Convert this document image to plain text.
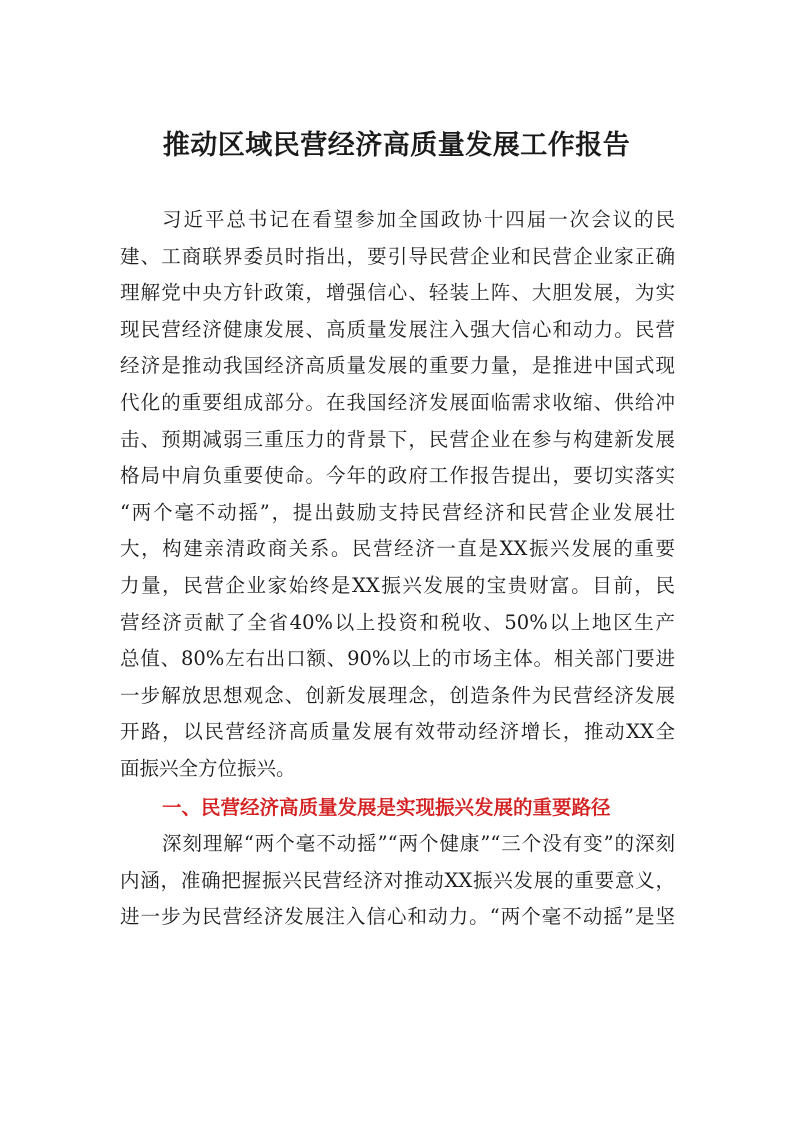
推动区域民营经济高质量发展工作报告
习近平总书记在看望参加全国政协十四届一次会议的民
建、工商联界委员时指出，要引导民营企业和民营企业家正确
理解党中央方针政策，增强信心、轻装上阵、大胆发展，为实
现民营经济健康发展、高质量发展注入强大信心和动力。民营
经济是推动我国经济高质量发展的重要力量，是推进中国式现
代化的重要组成部分。在我国经济发展面临需求收缩、供给冲
击、预期减弱三重压力的背景下，民营企业在参与构建新发展
格局中肩负重要使命。今年的政府工作报告提出，要切实落实
“两个毫不动摇”，提出鼓励支持民营经济和民营企业发展壮
大，构建亲清政商关系。民营经济一直是XX振兴发展的重要
力量，民营企业家始终是XX振兴发展的宝贵财富。目前，民
营经济贡献了全省40%以上投资和税收、50%以上地区生产
总值、80%左右出口额、90%以上的市场主体。相关部门要进
一步解放思想观念、创新发展理念，创造条件为民营经济发展
开路，以民营经济高质量发展有效带动经济增长，推动XX全
面振兴全方位振兴。
一、民营经济高质量发展是实现振兴发展的重要路径
深刻理解“两个毫不动摇”“两个健康”“三个没有变”的深刻
内涵，准确把握振兴民营经济对推动XX振兴发展的重要意义，
进一步为民营经济发展注入信心和动力。“两个毫不动摇”是坚
